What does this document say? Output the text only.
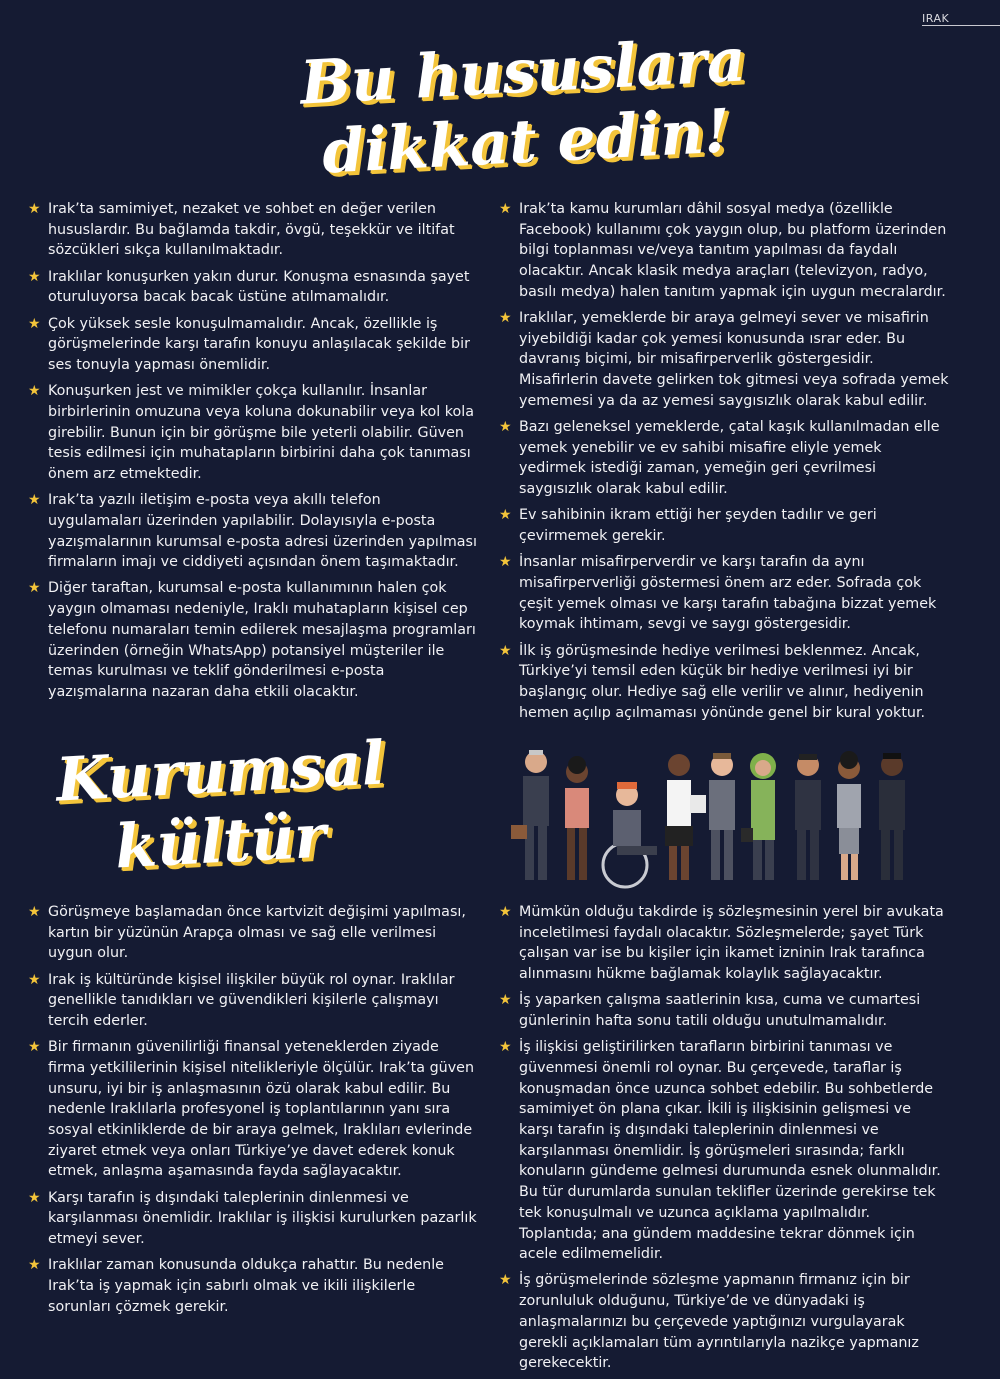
IRAK
Bu hususlara
dikkat edin!
★ Irak’ta samimiyet, nezaket ve sohbet en değer verilen hususlardır. Bu bağlamda takdir, övgü, teşekkür ve iltifat sözcükleri sıkça kullanılmaktadır.
★ Iraklılar konuşurken yakın durur. Konuşma esnasında şayet oturuluyorsa bacak bacak üstüne atılmamalıdır.
★ Çok yüksek sesle konuşulmamalıdır. Ancak, özellikle iş görüşmelerinde karşı tarafın konuyu anlaşılacak şekilde bir ses tonuyla yapması önemlidir.
★ Konuşurken jest ve mimikler çokça kullanılır. İnsanlar birbirlerinin omuzuna veya koluna dokunabilir veya kol kola girebilir. Bunun için bir görüşme bile yeterli olabilir. Güven tesis edilmesi için muhatapların birbirini daha çok tanıması önem arz etmektedir.
★ Irak’ta yazılı iletişim e-posta veya akıllı telefon uygulamaları üzerinden yapılabilir. Dolayısıyla e-posta yazışmalarının kurumsal e-posta adresi üzerinden yapılması firmaların imajı ve ciddiyeti açısından önem taşımaktadır.
★ Diğer taraftan, kurumsal e-posta kullanımının halen çok yaygın olmaması nedeniyle, Iraklı muhatapların kişisel cep telefonu numaraları temin edilerek mesajlaşma programları üzerinden (örneğin WhatsApp) potansiyel müşteriler ile temas kurulması ve teklif gönderilmesi e-posta yazışmalarına nazaran daha etkili olacaktır.
★ Irak’ta kamu kurumları dâhil sosyal medya (özellikle Facebook) kullanımı çok yaygın olup, bu platform üzerinden bilgi toplanması ve/veya tanıtım yapılması da faydalı olacaktır. Ancak klasik medya araçları (televizyon, radyo, basılı medya) halen tanıtım yapmak için uygun mecralardır.
★ Iraklılar, yemeklerde bir araya gelmeyi sever ve misafirin yiyebildiği kadar çok yemesi konusunda ısrar eder. Bu davranış biçimi, bir misafirperverlik göstergesidir. Misafirlerin davete gelirken tok gitmesi veya sofrada yemek yememesi ya da az yemesi saygısızlık olarak kabul edilir.
★ Bazı geleneksel yemeklerde, çatal kaşık kullanılmadan elle yemek yenebilir ve ev sahibi misafire eliyle yemek yedirmek istediği zaman, yemeğin geri çevrilmesi saygısızlık olarak kabul edilir.
★ Ev sahibinin ikram ettiği her şeyden tadılır ve geri çevirmemek gerekir.
★ İnsanlar misafirperverdir ve karşı tarafın da aynı misafirperverliği göstermesi önem arz eder. Sofrada çok çeşit yemek olması ve karşı tarafın tabağına bizzat yemek koymak ihtimam, sevgi ve saygı göstergesidir.
★ İlk iş görüşmesinde hediye verilmesi beklenmez. Ancak, Türkiye’yi temsil eden küçük bir hediye verilmesi iyi bir başlangıç olur. Hediye sağ elle verilir ve alınır, hediyenin hemen açılıp açılmaması yönünde genel bir kural yoktur.
Kurumsal
kültür
★ Görüşmeye başlamadan önce kartvizit değişimi yapılması, kartın bir yüzünün Arapça olması ve sağ elle verilmesi uygun olur.
★ Irak iş kültüründe kişisel ilişkiler büyük rol oynar. Iraklılar genellikle tanıdıkları ve güvendikleri kişilerle çalışmayı tercih ederler.
★ Bir firmanın güvenilirliği finansal yeteneklerden ziyade firma yetkililerinin kişisel nitelikleriyle ölçülür. Irak’ta güven unsuru, iyi bir iş anlaşmasının özü olarak kabul edilir. Bu nedenle Iraklılarla profesyonel iş toplantılarının yanı sıra sosyal etkinliklerde de bir araya gelmek, Iraklıları evlerinde ziyaret etmek veya onları Türkiye’ye davet ederek konuk etmek, anlaşma aşamasında fayda sağlayacaktır.
★ Karşı tarafın iş dışındaki taleplerinin dinlenmesi ve karşılanması önemlidir. Iraklılar iş ilişkisi kurulurken pazarlık etmeyi sever.
★ Iraklılar zaman konusunda oldukça rahattır. Bu nedenle Irak’ta iş yapmak için sabırlı olmak ve ikili ilişkilerle sorunları çözmek gerekir.
★ Mümkün olduğu takdirde iş sözleşmesinin yerel bir avukata inceletilmesi faydalı olacaktır. Sözleşmelerde; şayet Türk çalışan var ise bu kişiler için ikamet izninin Irak tarafınca alınmasını hükme bağlamak kolaylık sağlayacaktır.
★ İş yaparken çalışma saatlerinin kısa, cuma ve cumartesi günlerinin hafta sonu tatili olduğu unutulmamalıdır.
★ İş ilişkisi geliştirilirken tarafların birbirini tanıması ve güvenmesi önemli rol oynar. Bu çerçevede, taraflar iş konuşmadan önce uzunca sohbet edebilir. Bu sohbetlerde samimiyet ön plana çıkar. İkili iş ilişkisinin gelişmesi ve karşı tarafın iş dışındaki taleplerinin dinlenmesi ve karşılanması önemlidir. İş görüşmeleri sırasında; farklı konuların gündeme gelmesi durumunda esnek olunmalıdır. Bu tür durumlarda sunulan teklifler üzerinde gerekirse tek tek konuşulmalı ve uzunca açıklama yapılmalıdır. Toplantıda; ana gündem maddesine tekrar dönmek için acele edilmemelidir.
★ İş görüşmelerinde sözleşme yapmanın firmanız için bir zorunluluk olduğunu, Türkiye’de ve dünyadaki iş anlaşmalarınızı bu çerçevede yaptığınızı vurgulayarak gerekli açıklamaları tüm ayrıntılarıyla nazikçe yapmanız gerekecektir.
